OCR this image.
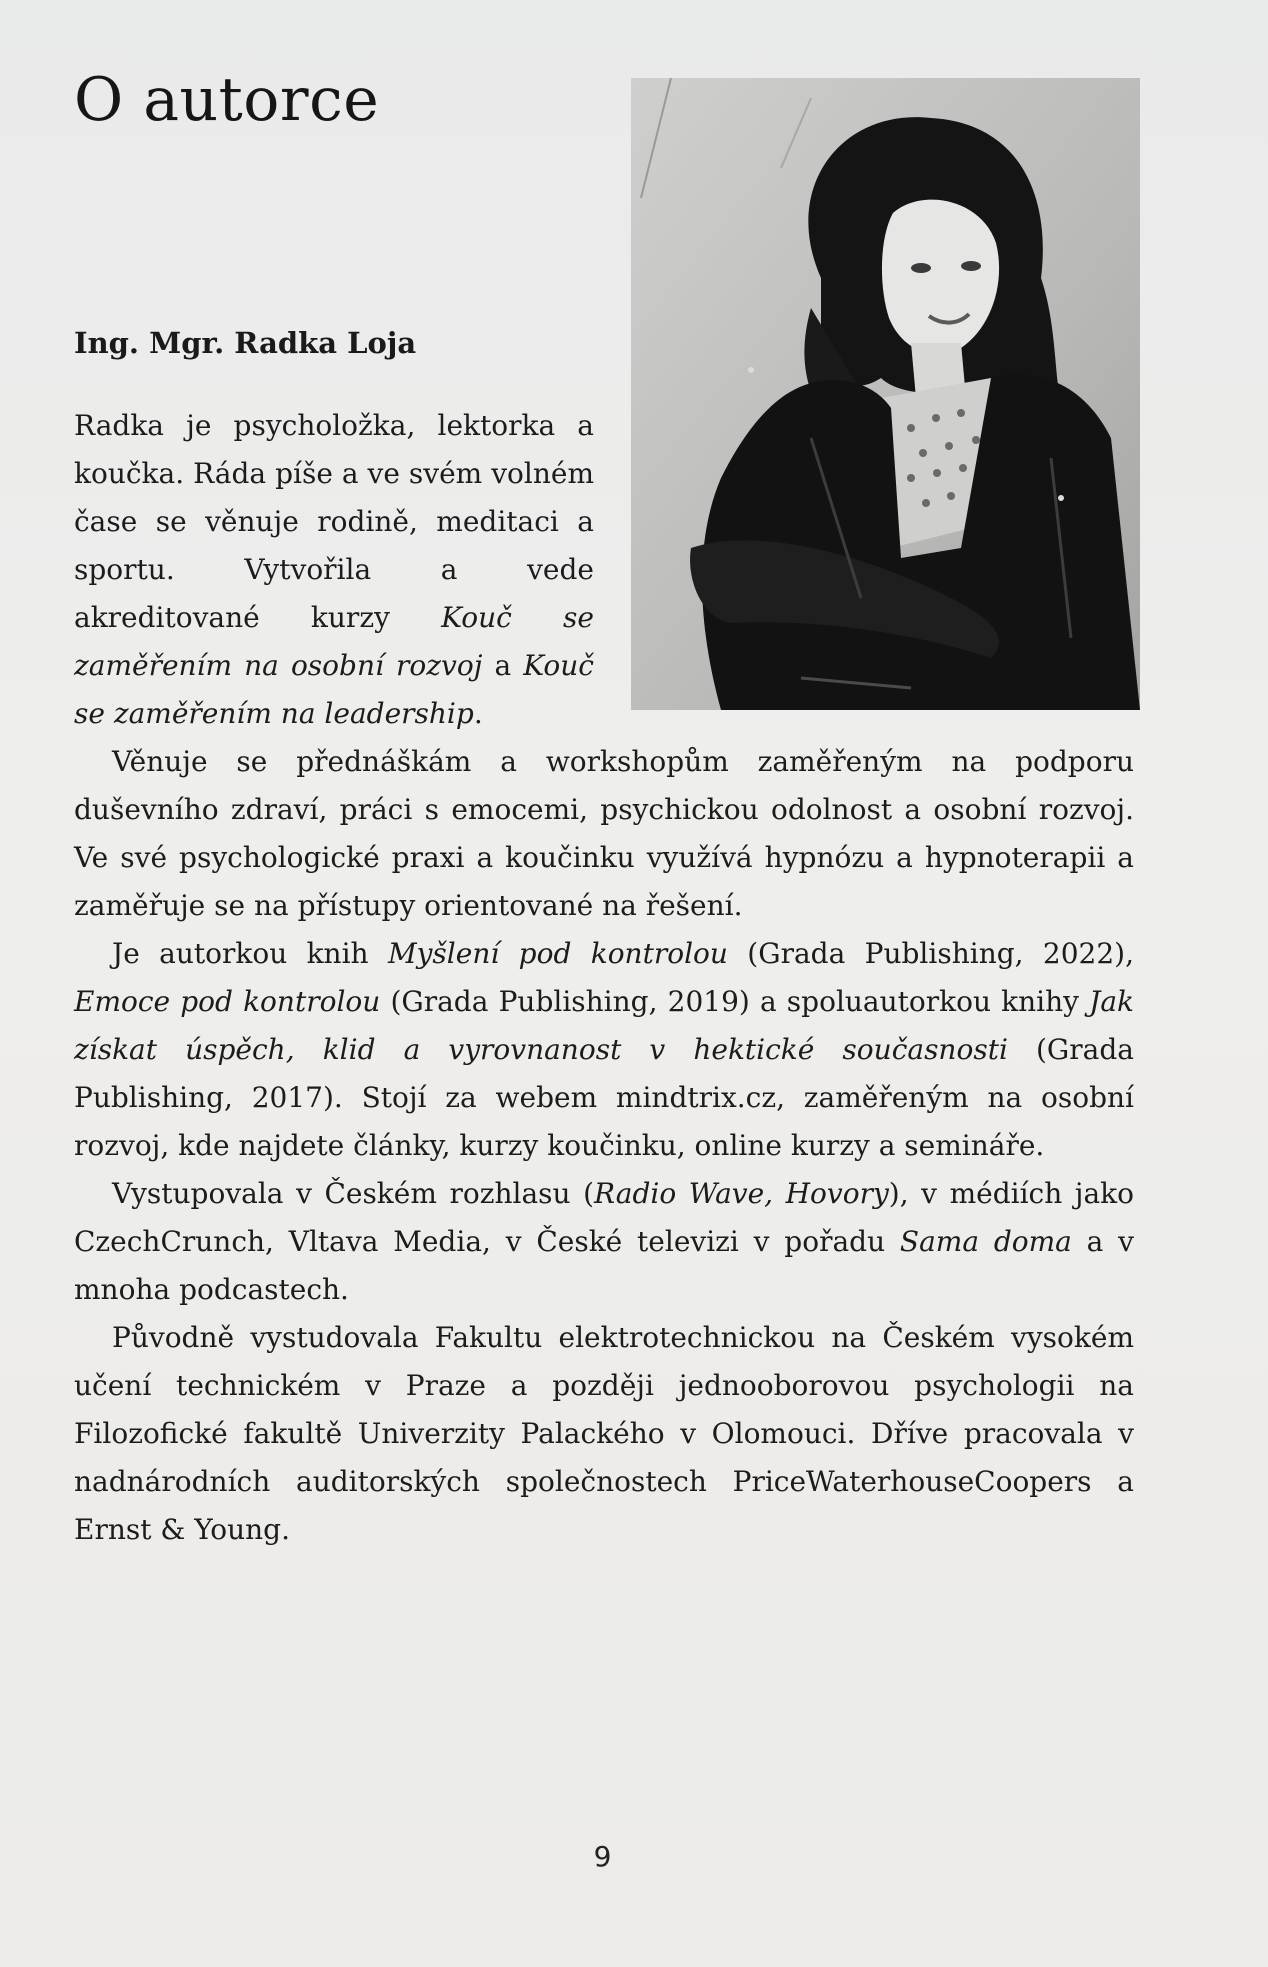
O autorce
Ing. Mgr. Radka Loja

Radka je psycholožka, lektorka a koučka. Ráda píše a ve svém volném čase se věnuje rodině, meditaci a sportu. Vytvořila a vede akreditované kurzy Kouč se zaměřením na osobní rozvoj a Kouč se zaměřením na leadership.

Věnuje se přednáškám a workshopům zaměřeným na podporu duševního zdraví, práci s emocemi, psychickou odolnost a osobní rozvoj. Ve své psychologické praxi a koučinku využívá hypnózu a hypnoterapii a zaměřuje se na přístupy orientované na řešení.

Je autorkou knih Myšlení pod kontrolou (Grada Publishing, 2022), Emoce pod kontrolou (Grada Publishing, 2019) a spoluautorkou knihy Jak získat úspěch, klid a vyrovnanost v hektické současnosti (Grada Publishing, 2017). Stojí za webem mindtrix.cz, zaměřeným na osobní rozvoj, kde najdete články, kurzy koučinku, online kurzy a semináře.

Vystupovala v Českém rozhlasu (Radio Wave, Hovory), v médiích jako CzechCrunch, Vltava Media, v České televizi v pořadu Sama doma a v mnoha podcastech.

Původně vystudovala Fakultu elektrotechnickou na Českém vysokém učení technickém v Praze a později jednooborovou psychologii na Filozofické fakultě Univerzity Palackého v Olomouci. Dříve pracovala v nadnárodních auditorských společnostech PriceWaterhouseCoopers a Ernst & Young.

9
